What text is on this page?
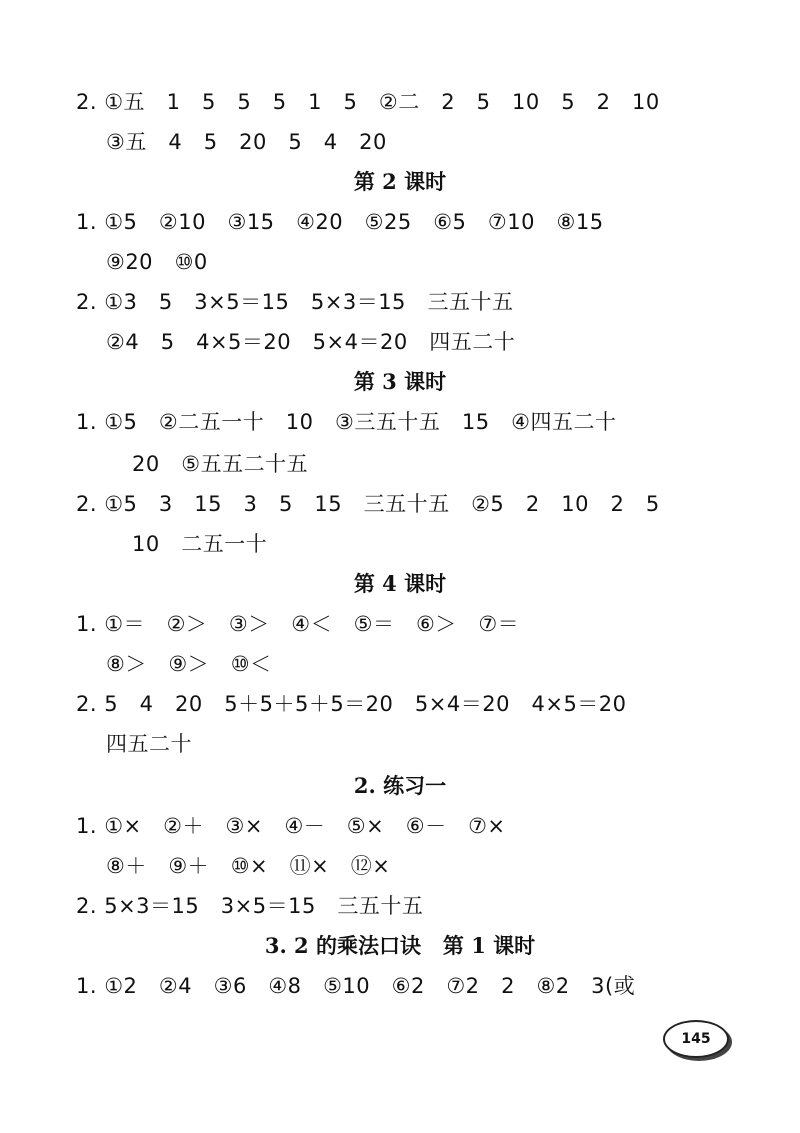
2. ①五   1   5   5   5   1   5   ②二   2   5   10   5   2   10
③五   4   5   20   5   4   20
第 2 课时
1. ①5   ②10   ③15   ④20   ⑤25   ⑥5   ⑦10   ⑧15
⑨20   ⑩0
2. ①3   5   3×5＝15   5×3＝15   三五十五
②4   5   4×5＝20   5×4＝20   四五二十
第 3 课时
1. ①5   ②二五一十   10   ③三五十五   15   ④四五二十
20   ⑤五五二十五
2. ①5   3   15   3   5   15   三五十五   ②5   2   10   2   5
10   二五一十
第 4 课时
1. ①＝   ②＞   ③＞   ④＜   ⑤＝   ⑥＞   ⑦＝
⑧＞   ⑨＞   ⑩＜
2. 5   4   20   5＋5＋5＋5＝20   5×4＝20   4×5＝20
四五二十
2. 练习一
1. ①×   ②＋   ③×   ④－   ⑤×   ⑥－   ⑦×
⑧＋   ⑨＋   ⑩×   ⑪×   ⑫×
2. 5×3＝15   3×5＝15   三五十五
3. 2 的乘法口诀   第 1 课时
1. ①2   ②4   ③6   ④8   ⑤10   ⑥2   ⑦2   2   ⑧2   3(或
145
